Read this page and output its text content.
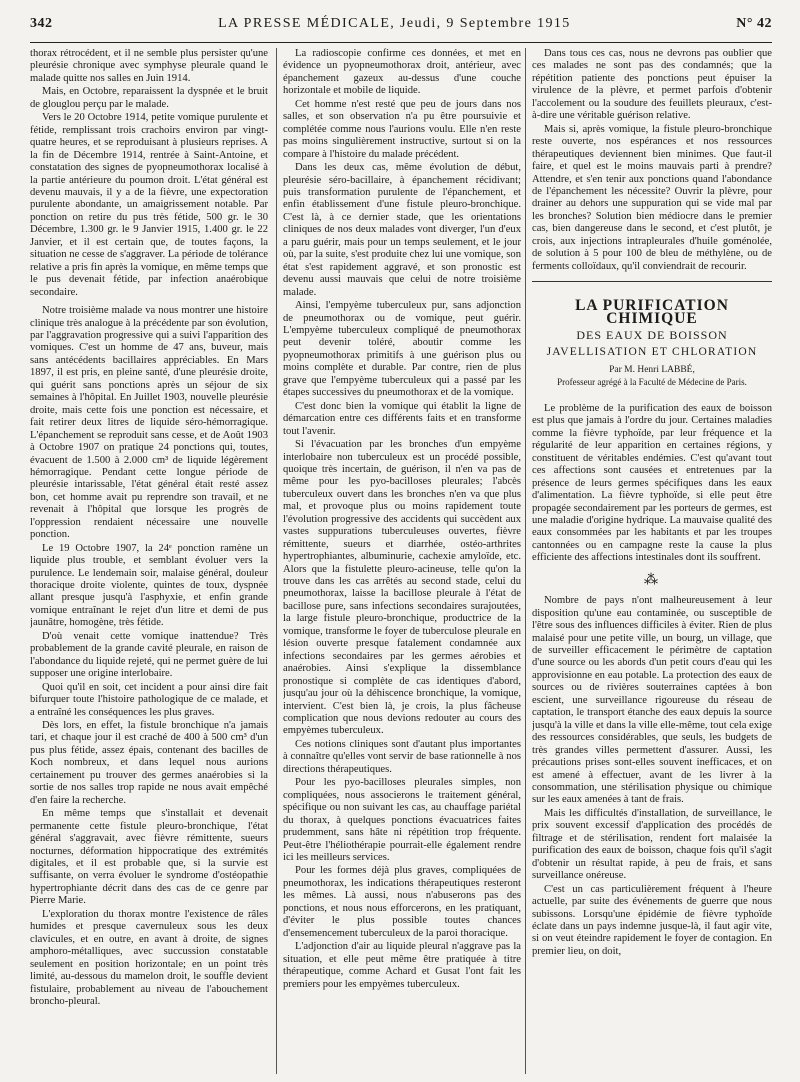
342	LA PRESSE MÉDICALE, Jeudi, 9 Septembre 1915	N° 42

thorax rétrocédent, et il ne semble plus persister qu'une pleurésie chronique avec symphyse pleurale quand le malade quitte nos salles en Juin 1914.

Mais, en Octobre, reparaissent la dyspnée et le bruit de glouglou perçu par le malade.

Vers le 20 Octobre 1914, petite vomique purulente et fétide, remplissant trois crachoirs environ par vingt-quatre heures, et se reproduisant à plusieurs reprises. A la fin de Décembre 1914, rentrée à Saint-Antoine, et constatation des signes de pyopneumothorax localisé à la partie antérieure du poumon droit. L'état général est devenu mauvais, il y a de la fièvre, une expectoration purulente abondante, un amaigrissement notable. Par ponction on retire du pus très fétide, 500 gr. le 30 Décembre, 1.300 gr. le 9 Janvier 1915, 1.400 gr. le 22 Janvier, et il est certain que, de toutes façons, la situation ne cesse de s'aggraver. La période de tolérance relative a pris fin après la vomique, en même temps que le pus devenait fétide, par infection anaérobique secondaire.

Notre troisième malade va nous montrer une histoire clinique très analogue à la précédente par son évolution, par l'aggravation progressive qui a suivi l'apparition des vomiques. C'est un homme de 47 ans, buveur, mais sans antécédents bacillaires appréciables. En Mars 1897, il est pris, en pleine santé, d'une pleurésie droite, qui guérit sans ponctions après un séjour de six semaines à l'hôpital. En Juillet 1903, nouvelle pleurésie droite, mais cette fois une ponction est nécessaire, et fait retirer deux litres de liquide séro-hémorragique. L'épanchement se reproduit sans cesse, et de Août 1903 à Octobre 1907 on pratique 24 ponctions qui, toutes, évacuent de 1.500 à 2.000 cm³ de liquide légèrement hémorragique. Pendant cette longue période de pleurésie intarissable, l'état général était resté assez bon, cet homme avait pu reprendre son travail, et ne revenait à l'hôpital que lorsque les progrès de l'oppression rendaient nécessaire une nouvelle ponction.

Le 19 Octobre 1907, la 24ᵉ ponction ramène un liquide plus trouble, et semblant évoluer vers la purulence. Le lendemain soir, malaise général, douleur thoracique droite violente, quintes de toux, dyspnée allant presque jusqu'à l'asphyxie, et enfin grande vomique entraînant le rejet d'un litre et demi de pus jaunâtre, homogène, très fétide.

D'où venait cette vomique inattendue? Très probablement de la grande cavité pleurale, en raison de l'abondance du liquide rejeté, qui ne permet guère de lui supposer une origine interlobaire.

Quoi qu'il en soit, cet incident a pour ainsi dire fait bifurquer toute l'histoire pathologique de ce malade, et a entraîné les conséquences les plus graves.

Dès lors, en effet, la fistule bronchique n'a jamais tari, et chaque jour il est craché de 400 à 500 cm³ d'un pus plus fétide, assez épais, contenant des bacilles de Koch nombreux, et dans lequel nous aurions certainement pu trouver des germes anaérobies si la sortie de nos salles trop rapide ne nous avait empêché d'en faire la recherche.

En même temps que s'installait et devenait permanente cette fistule pleuro-bronchique, l'état général s'aggravait, avec fièvre rémittente, sueurs nocturnes, déformation hippocratique des extrémités digitales, et il est probable que, si la survie est suffisante, on verra évoluer le syndrome d'ostéopathie hypertrophiante décrit dans des cas de ce genre par Pierre Marie.

L'exploration du thorax montre l'existence de râles humides et presque cavernuleux sous les deux clavicules, et en outre, en avant à droite, de signes amphoro-métalliques, avec succussion constatable seulement en position horizontale; en un point très limité, au-dessous du mamelon droit, le souffle devient fistulaire, probablement au niveau de l'abouchement broncho-pleural.

La radioscopie confirme ces données, et met en évidence un pyopneumothorax droit, antérieur, avec épanchement gazeux au-dessus d'une couche horizontale et mobile de liquide.

Cet homme n'est resté que peu de jours dans nos salles, et son observation n'a pu être poursuivie et complétée comme nous l'aurions voulu. Elle n'en reste pas moins singulièrement instructive, surtout si on la compare à l'histoire du malade précédent.

Dans les deux cas, même évolution de début, pleurésie séro-bacillaire, à épanchement récidivant; puis transformation purulente de l'épanchement, et enfin établissement d'une fistule pleuro-bronchique. C'est là, à ce dernier stade, que les orientations cliniques de nos deux malades vont diverger, l'un d'eux a paru guérir, mais pour un temps seulement, et le jour où, par la suite, s'est produite chez lui une vomique, son état s'est rapidement aggravé, et son pronostic est devenu aussi mauvais que celui de notre troisième malade.

Ainsi, l'empyème tuberculeux pur, sans adjonction de pneumothorax ou de vomique, peut guérir. L'empyème tuberculeux compliqué de pneumothorax peut devenir toléré, aboutir comme les pyopneumothorax primitifs à une guérison plus ou moins complète et durable. Par contre, rien de plus grave que l'empyème tuberculeux qui a passé par les étapes successives du pneumothorax et de la vomique.

C'est donc bien la vomique qui établit la ligne de démarcation entre ces différents faits et en transforme tout l'avenir.

Si l'évacuation par les bronches d'un empyème interlobaire non tuberculeux est un procédé possible, quoique très incertain, de guérison, il n'en va pas de même pour les pyo-bacilloses pleurales; l'abcès tuberculeux ouvert dans les bronches n'en va que plus mal, et provoque plus ou moins rapidement toute l'évolution progressive des accidents qui succèdent aux vastes suppurations tuberculeuses ouvertes, fièvre rémittente, sueurs et diarrhée, ostéo-arthrites hypertrophiantes, albuminurie, cachexie amyloïde, etc. Alors que la fistulette pleuro-acineuse, telle qu'on la trouve dans les cas arrêtés au second stade, celui du pneumothorax, laisse la bacillose pleurale à l'état de bacillose pure, sans infections secondaires surajoutées, la large fistule pleuro-bronchique, productrice de la vomique, transforme le foyer de tuberculose pleurale en lésion ouverte presque fatalement condamnée aux infections secondaires par les germes aérobies et anaérobies. Ainsi s'explique la dissemblance pronostique si complète de cas identiques d'abord, jusqu'au jour où la déhiscence bronchique, la vomique, intervient. C'est bien là, je crois, la plus fâcheuse complication que nous devions redouter au cours des empyèmes tuberculeux.

Ces notions cliniques sont d'autant plus importantes à connaître qu'elles vont servir de base rationnelle à nos directions thérapeutiques.

Pour les pyo-bacilloses pleurales simples, non compliquées, nous associerons le traitement général, spécifique ou non suivant les cas, au chauffage pariétal du thorax, à quelques ponctions évacuatrices faites prudemment, sans hâte ni répétition trop fréquente. Peut-être l'héliothérapie pourrait-elle également rendre ici les meilleurs services.

Pour les formes déjà plus graves, compliquées de pneumothorax, les indications thérapeutiques resteront les mêmes. Là aussi, nous n'abuserons pas des ponctions, et nous nous efforcerons, en les pratiquant, d'éviter le plus possible toutes chances d'ensemencement tuberculeux de la paroi thoracique.

L'adjonction d'air au liquide pleural n'aggrave pas la situation, et elle peut même être pratiquée à titre thérapeutique, comme Achard et Gusat l'ont fait les premiers pour les empyèmes tuberculeux.

Dans tous ces cas, nous ne devrons pas oublier que ces malades ne sont pas des condamnés; que la répétition patiente des ponctions peut épuiser la virulence de la plèvre, et permet parfois d'obtenir l'accolement ou la soudure des feuillets pleuraux, c'est-à-dire une véritable guérison relative.

Mais si, après vomique, la fistule pleuro-bronchique reste ouverte, nos espérances et nos ressources thérapeutiques deviennent bien minimes. Que faut-il faire, et quel est le moins mauvais parti à prendre? Attendre, et s'en tenir aux ponctions quand l'abondance de l'épanchement les nécessite? Ouvrir la plèvre, pour drainer au dehors une suppuration qui se vide mal par les bronches? Solution bien médiocre dans le premier cas, bien dangereuse dans le second, et c'est plutôt, je crois, aux injections intrapleurales d'huile goménolée, de solution à 5 pour 100 de bleu de méthylène, ou de ferments colloïdaux, qu'il conviendrait de recourir.

LA PURIFICATION CHIMIQUE
DES EAUX DE BOISSON
JAVELLISATION ET CHLORATION
Par M. Henri LABBÉ,
Professeur agrégé à la Faculté de Médecine de Paris.

Le problème de la purification des eaux de boisson est plus que jamais à l'ordre du jour. Certaines maladies comme la fièvre typhoïde, par leur fréquence et la régularité de leur apparition en certaines régions, y constituent de véritables endémies. C'est qu'avant tout ces affections sont causées et entretenues par la présence de leurs germes spécifiques dans les eaux d'alimentation. La fièvre typhoïde, si elle peut être propagée secondairement par les porteurs de germes, est une maladie d'origine hydrique. La mauvaise qualité des eaux consommées par les habitants et par les troupes cantonnées ou en campagne reste la cause la plus efficiente des affections intestinales dont ils souffrent.

⁂

Nombre de pays n'ont malheureusement à leur disposition qu'une eau contaminée, ou susceptible de l'être sous des influences difficiles à éviter. Rien de plus malaisé pour une petite ville, un bourg, un village, que de surveiller efficacement le périmètre de captation d'une source ou les abords d'un petit cours d'eau qui les approvisionne en eau potable. La protection des eaux de sources ou de rivières souterraines captées à bon escient, une surveillance rigoureuse du réseau de captation, le transport étanche des eaux depuis la source jusqu'à la ville et dans la ville elle-même, tout cela exige des ressources considérables, que seuls, les budgets de très grandes villes permettent d'assurer. Aussi, les précautions prises sont-elles souvent inefficaces, et on est amené à effectuer, avant de les livrer à la consommation, une stérilisation physique ou chimique sur les eaux amenées à tant de frais.

Mais les difficultés d'installation, de surveillance, le prix souvent excessif d'application des procédés de filtrage et de stérilisation, rendent fort malaisée la purification des eaux de boisson, chaque fois qu'il s'agit d'obtenir un résultat rapide, à peu de frais, et sans surveillance onéreuse.

C'est un cas particulièrement fréquent à l'heure actuelle, par suite des événements de guerre que nous subissons. Lorsqu'une épidémie de fièvre typhoïde éclate dans un pays indemne jusque-là, il faut agir vite, si on veut éteindre rapidement le foyer de contagion. En premier lieu, on doit,
